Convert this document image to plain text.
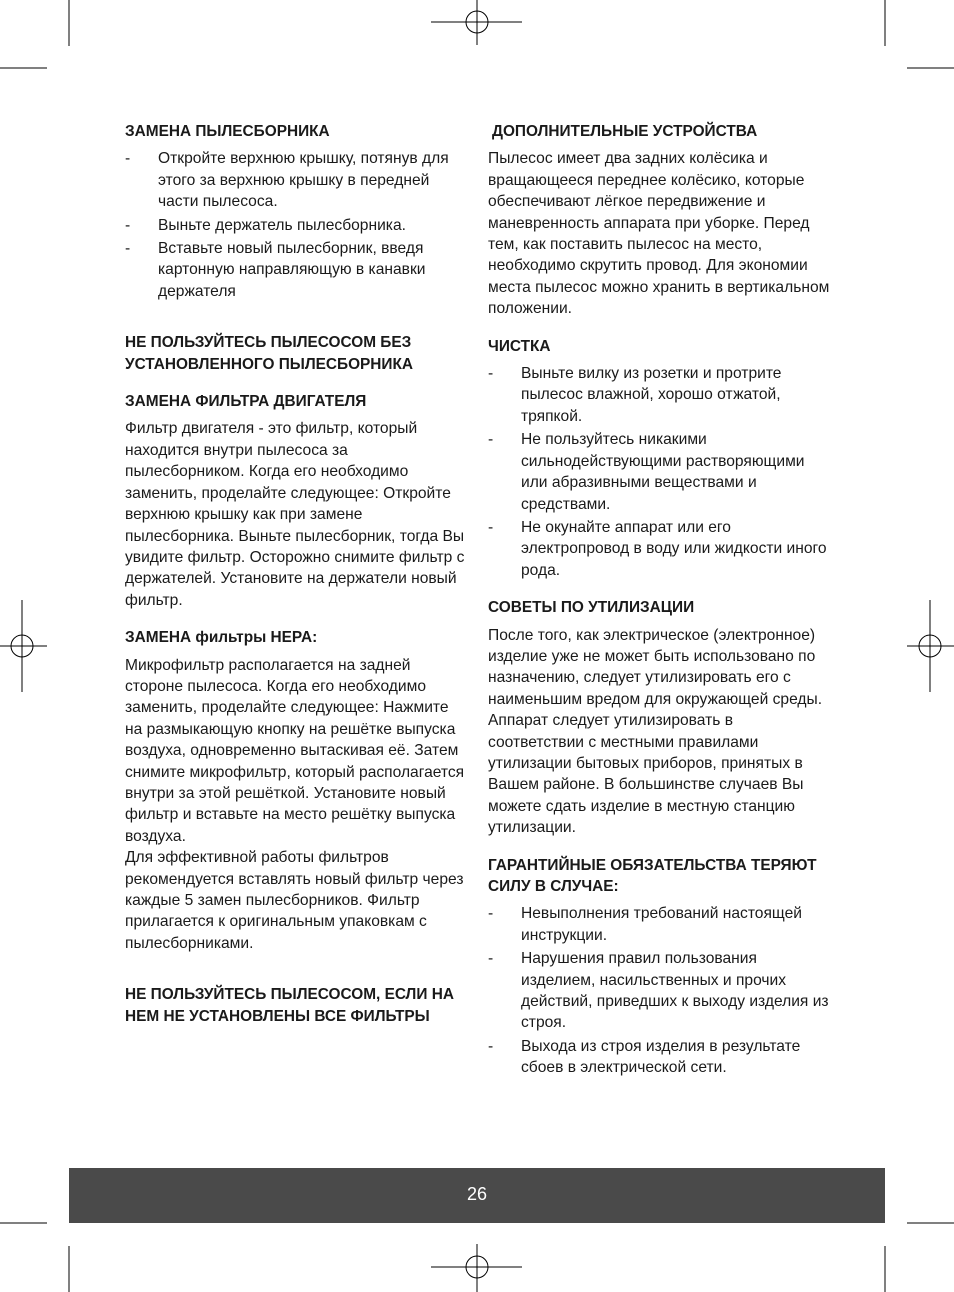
ЗАМЕНА ПЫЛЕСБОРНИКА
- Откройте верхнюю крышку, потянув для этого за верхнюю крышку в передней части пылесоса.
- Выньте держатель пылесборника.
- Вставьте новый пылесборник, введя картонную направляющую в канавки держателя
НЕ ПОЛЬЗУЙТЕСЬ ПЫЛЕСОСОМ БЕЗ УСТАНОВЛЕННОГО ПЫЛЕСБОРНИКА
ЗАМЕНА ФИЛЬТРА ДВИГАТЕЛЯ

Фильтр двигателя - это фильтр, который находится внутри пылесоса за пылесборником. Когда его необходимо заменить, проделайте следующее: Откройте верхнюю крышку как при замене пылесборника. Выньте пылесборник, тогда Вы увидите фильтр. Осторожно снимите фильтр с держателей. Установите на держатели новый фильтр.

ЗАМЕНА фильтры HEPA:

Микрофильтр располагается на задней стороне пылесоса. Когда его необходимо заменить, проделайте следующее: Нажмите на размыкающую кнопку на решётке выпуска воздуха, одновременно вытаскивая её. Затем снимите микрофильтр, который располагается внутри за этой решёткой. Установите новый фильтр и вставьте на место решётку выпуска воздуха.

Для эффективной работы фильтров рекомендуется вставлять новый фильтр через каждые 5 замен пылесборников. Фильтр прилагается к оригинальным упаковкам с пылесборниками.

НЕ ПОЛЬЗУЙТЕСЬ ПЫЛЕСОСОМ, ЕСЛИ НА НЕМ НЕ УСТАНОВЛЕНЫ ВСЕ ФИЛЬТРЫ
ДОПОЛНИТЕЛЬНЫЕ УСТРОЙСТВА

Пылесос имеет два задних колёсика и вращающееся переднее колёсико, которые обеспечивают лёгкое передвижение и маневренность аппарата при уборке. Перед тем, как поставить пылесос на место, необходимо скрутить провод. Для экономии места пылесос можно хранить в вертикальном положении.

ЧИСТКА
- Выньте вилку из розетки и протрите пылесос влажной, хорошо отжатой, тряпкой.
- Не пользуйтесь никакими сильнодействующими растворяющими или абразивными веществами и средствами.
- Не окунайте аппарат или его электропровод в воду или жидкости иного рода.
СОВЕТЫ ПО УТИЛИЗАЦИИ

После того, как электрическое (электронное) изделие уже не может быть использовано по назначению, следует утилизировать его с наименьшим вредом для окружающей среды. Аппарат следует утилизировать в соответствии с местными правилами утилизации бытовых приборов, принятых в Вашем районе. В большинстве случаев Вы можете сдать изделие в местную станцию утилизации.

ГАРАНТИЙНЫЕ ОБЯЗАТЕЛЬСТВА ТЕРЯЮТ СИЛУ В СЛУЧАЕ:
- Невыполнения требований настоящей инструкции.
- Нарушения правил пользования изделием, насильственных и прочих действий, приведших к выходу изделия из строя.
- Выхода из строя изделия в результате сбоев в электрической сети.
26
